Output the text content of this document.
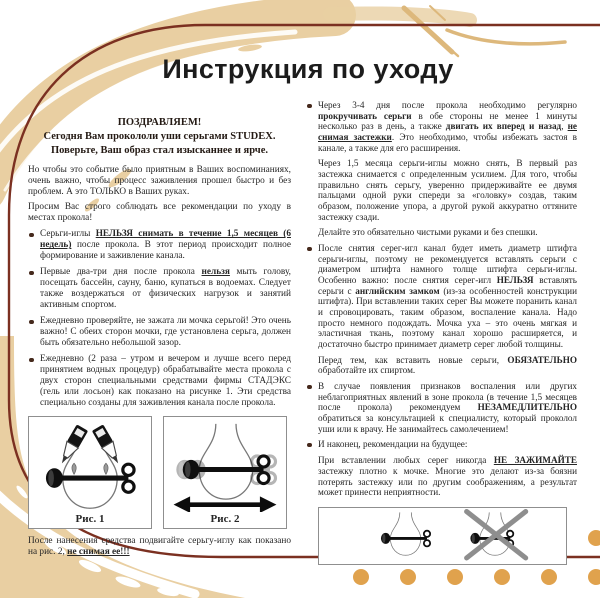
Инструкция по уходу
ПОЗДРАВЛЯЕМ!
Сегодня Вам прокололи уши серьгами STUDEX.
Поверьте, Ваш образ стал изысканнее и ярче.

Но чтобы это событие было приятным в Ваших воспоминаниях, очень важно, чтобы процесс заживления прошел быстро и без проблем. А это ТОЛЬКО в Ваших руках.

Просим Вас строго соблюдать все рекомендации по уходу в местах прокола!

Серьги-иглы НЕЛЬЗЯ снимать в течение 1,5 месяцев (6 недель) после прокола. В этот период происходит полное формирование и заживление канала.

Первые два-три дня после прокола нельзя мыть голову, посещать бассейн, сауну, баню, купаться в водоемах. Следует также воздержаться от физических нагрузок и занятий активным спортом.

Ежедневно проверяйте, не зажата ли мочка серьгой! Это очень важно! С обеих сторон мочки, где установлена серьга, должен быть обязательно небольшой зазор.

Ежедневно (2 раза – утром и вечером и лучше всего перед принятием водных процедур) обрабатывайте места прокола с двух сторон специальными средствами фирмы СТАДЭКС (гель или лосьон) как показано на рисунке 1. Эти средства специально созданы для заживления канала после прокола.

Рис. 1	Рис. 2

После нанесения средства подвигайте серьгу-иглу как показано на рис. 2, не снимая ее!!!

Через 3-4 дня после прокола необходимо регулярно прокручивать серьги в обе стороны не менее 1 минуты несколько раз в день, а также двигать их вперед и назад, не снимая застежки. Это необходимо, чтобы избежать застоя в канале, а также для его расширения.

Через 1,5 месяца серьги-иглы можно снять, В первый раз застежка снимается с определенным усилием. Для того, чтобы правильно снять серьгу, уверенно придерживайте ее двумя пальцами одной руки спереди за «головку» создав, таким образом, положение упора, а другой рукой аккуратно оттяните застежку сзади.

Делайте это обязательно чистыми руками и без спешки.

После снятия серег-игл канал будет иметь диаметр штифта серьги-иглы, поэтому не рекомендуется вставлять серьги с диаметром штифта намного толще штифта серьги-иглы. Особенно важно: после снятия серег-игл НЕЛЬЗЯ вставлять серьги с английским замком (из-за особенностей конструкции штифта). При вставлении таких серег Вы можете поранить канал и спровоцировать, таким образом, воспаление канала. Надо просто немного подождать. Мочка уха – это очень мягкая и эластичная ткань, поэтому канал хорошо расширяется, и достаточно быстро принимает диаметр серег любой толщины.

Перед тем, как вставить новые серьги, ОБЯЗАТЕЛЬНО обработайте их спиртом.

В случае появления признаков воспаления или других неблагоприятных явлений в зоне прокола (в течение 1,5 месяцев после прокола) рекомендуем НЕЗАМЕДЛИТЕЛЬНО обратиться за консультацией к специалисту, который проколол уши или к врачу. Не занимайтесь самолечением!

И наконец, рекомендации на будущее:

При вставлении любых серег никогда НЕ ЗАЖИМАЙТЕ застежку плотно к мочке. Многие это делают из-за боязни потерять застежку или по другим соображениям, а результат может принести неприятности.
